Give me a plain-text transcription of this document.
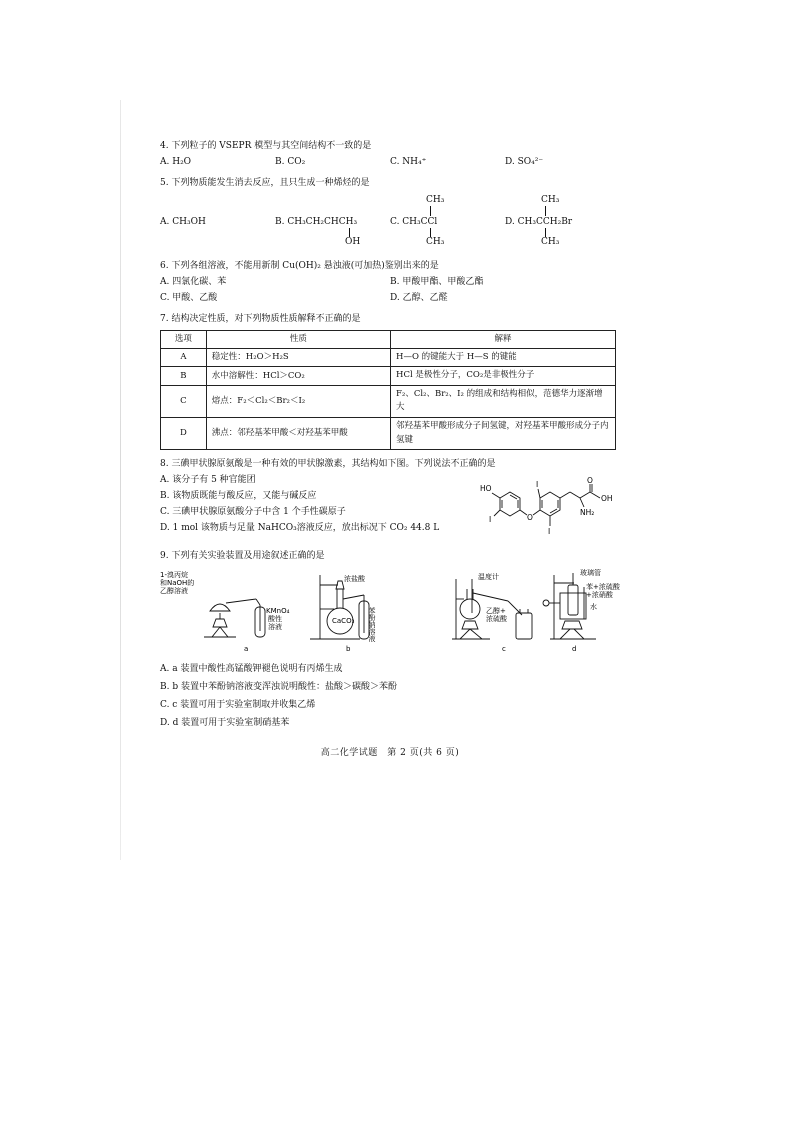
4. 下列粒子的 VSEPR 模型与其空间结构不一致的是
A. H₂O	B. CO₂	C. NH₄⁺	D. SO₄²⁻
5. 下列物质能发生消去反应，且只生成一种烯烃的是
A. CH₃OH	B. CH₃CH₂CHCH₃
OH
CH₃
C. CH₃CCl
CH₃
CH₃
D. CH₃CCH₂Br
CH₃
6. 下列各组溶液，不能用新制 Cu(OH)₂ 悬浊液(可加热)鉴别出来的是
A. 四氯化碳、苯	B. 甲酸甲酯、甲酸乙酯
C. 甲酸、乙酸	D. 乙醇、乙醛
7. 结构决定性质，对下列物质性质解释不正确的是
选项	性质	解释
A	稳定性：H₂O＞H₂S	H—O 的键能大于 H—S 的键能
B	水中溶解性：HCl＞CO₂	HCl 是极性分子，CO₂是非极性分子
C	熔点：F₂＜Cl₂＜Br₂＜I₂	F₂、Cl₂、Br₂、I₂ 的组成和结构相似，范德华力逐渐增大
D	沸点：邻羟基苯甲酸＜对羟基苯甲酸	邻羟基苯甲酸形成分子间氢键，对羟基苯甲酸形成分子内氢键
8. 三碘甲状腺原氨酸是一种有效的甲状腺激素，其结构如下图。下列说法不正确的是
A. 该分子有 5 种官能团
B. 该物质既能与酸反应，又能与碱反应
C. 三碘甲状腺原氨酸分子中含 1 个手性碳原子
D. 1 mol 该物质与足量 NaHCO₃溶液反应，放出标况下 CO₂ 44.8 L
HO
I	O
I
I
O
OH
NH₂
9. 下列有关实验装置及用途叙述正确的是
1-溴丙烷
和NaOH的
乙醇溶液
KMnO₄
酸性
溶液
a
浓盐酸
CaCO₃ 苯酚钠溶液
b
温度计
乙醇+
浓硫酸
c
玻璃管
苯+浓硫酸
+浓硝酸
水
d
A. a 装置中酸性高锰酸钾褪色说明有丙烯生成
B. b 装置中苯酚钠溶液变浑浊说明酸性：盐酸＞碳酸＞苯酚
C. c 装置可用于实验室制取并收集乙烯
D. d 装置可用于实验室制硝基苯
高二化学试题　第 2 页(共 6 页)
